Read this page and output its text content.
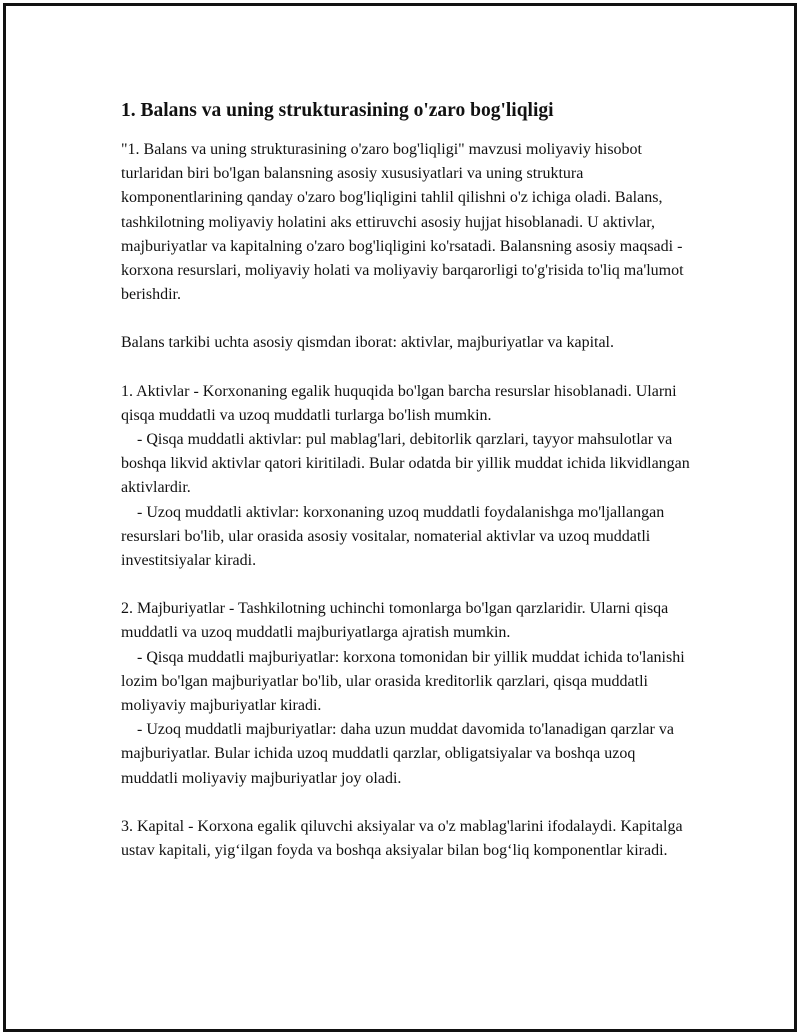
1. Balans va uning strukturasining o'zaro bog'liqligi

"1. Balans va uning strukturasining o'zaro bog'liqligi" mavzusi moliyaviy hisobot turlaridan biri bo'lgan balansning asosiy xususiyatlari va uning struktura komponentlarining qanday o'zaro bog'liqligini tahlil qilishni o'z ichiga oladi. Balans, tashkilotning moliyaviy holatini aks ettiruvchi asosiy hujjat hisoblanadi. U aktivlar, majburiyatlar va kapitalning o'zaro bog'liqligini ko'rsatadi. Balansning asosiy maqsadi - korxona resurslari, moliyaviy holati va moliyaviy barqarorligi to'g'risida to'liq ma'lumot berishdir.

Balans tarkibi uchta asosiy qismdan iborat: aktivlar, majburiyatlar va kapital.

1. Aktivlar - Korxonaning egalik huquqida bo'lgan barcha resurslar hisoblanadi. Ularni qisqa muddatli va uzoq muddatli turlarga bo'lish mumkin.
- Qisqa muddatli aktivlar: pul mablag'lari, debitorlik qarzlari, tayyor mahsulotlar va boshqa likvid aktivlar qatori kiritiladi. Bular odatda bir yillik muddat ichida likvidlangan aktivlardir.
- Uzoq muddatli aktivlar: korxonaning uzoq muddatli foydalanishga mo'ljallangan resurslari bo'lib, ular orasida asosiy vositalar, nomaterial aktivlar va uzoq muddatli investitsiyalar kiradi.

2. Majburiyatlar - Tashkilotning uchinchi tomonlarga bo'lgan qarzlaridir. Ularni qisqa muddatli va uzoq muddatli majburiyatlarga ajratish mumkin.
- Qisqa muddatli majburiyatlar: korxona tomonidan bir yillik muddat ichida to'lanishi lozim bo'lgan majburiyatlar bo'lib, ular orasida kreditorlik qarzlari, qisqa muddatli moliyaviy majburiyatlar kiradi.
- Uzoq muddatli majburiyatlar: daha uzun muddat davomida to'lanadigan qarzlar va majburiyatlar. Bular ichida uzoq muddatli qarzlar, obligatsiyalar va boshqa uzoq muddatli moliyaviy majburiyatlar joy oladi.

3. Kapital - Korxona egalik qiluvchi aksiyalar va o'z mablag'larini ifodalaydi. Kapitalga ustav kapitali, yig‘ilgan foyda va boshqa aksiyalar bilan bog‘liq komponentlar kiradi.
